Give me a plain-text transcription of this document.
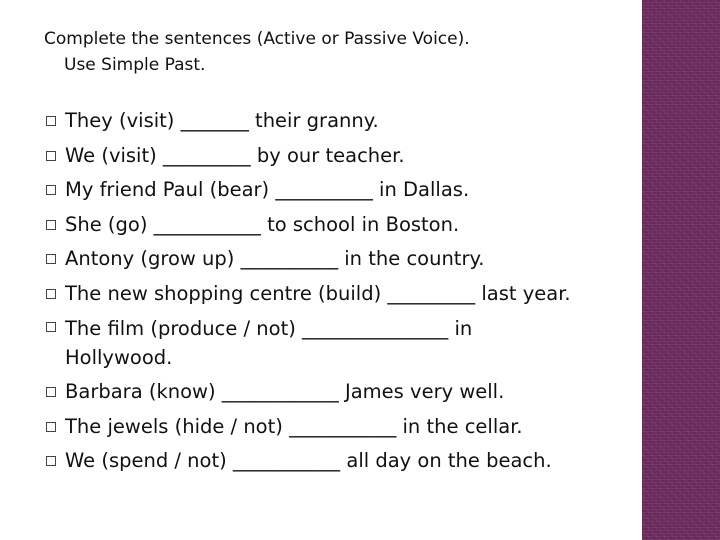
Complete the sentences (Active or Passive Voice).
Use Simple Past.
They (visit) _______ their granny.
We (visit) _________ by our teacher.
My friend Paul (bear) __________ in Dallas.
She (go) ___________ to school in Boston.
Antony (grow up) __________ in the country.
The new shopping centre (build) _________ last year.
The film (produce / not) _______________ in Hollywood.
Barbara (know) ____________ James very well.
The jewels (hide / not) ___________ in the cellar.
We (spend / not) ___________ all day on the beach.
